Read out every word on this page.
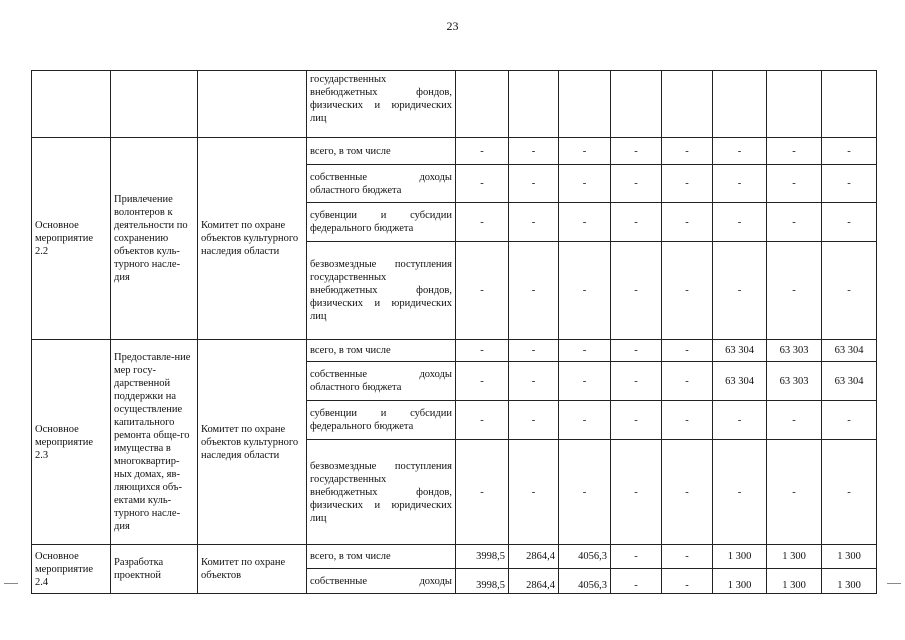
23
			государственных внебюджетных фондов, физических и юридических лиц								
Основное мероприятие 2.2	Привлечение волонтеров к деятельности по сохранению объектов куль-турного насле-дия	Комитет по охране объектов культурного наследия области	всего, в том числе	-	-	-	-	-	-	-	-
			собственные доходы областного бюджета	-	-	-	-	-	-	-	-
			субвенции и субсидии федерального бюджета	-	-	-	-	-	-	-	-
			безвозмездные поступления государственных внебюджетных фондов, физических и юридических лиц	-	-	-	-	-	-	-	-
Основное мероприятие 2.3	Предоставле-ние мер госу-дарственной поддержки на осуществление капитального ремонта обще-го имущества в многоквартир-ных домах, яв-ляющихся объ-ектами куль-турного насле-дия	Комитет по охране объектов культурного наследия области	всего, в том числе	-	-	-	-	-	63 304	63 303	63 304
			собственные доходы областного бюджета	-	-	-	-	-	63 304	63 303	63 304
			субвенции и субсидии федерального бюджета	-	-	-	-	-	-	-	-
			безвозмездные поступления государственных внебюджетных фондов, физических и юридических лиц	-	-	-	-	-	-	-	-
Основное мероприятие 2.4	Разработка проектной	Комитет по охране объектов	всего, в том числе	3998,5	2864,4	4056,3	-	-	1 300	1 300	1 300
			собственные доходы	3998,5	2864,4	4056,3	-	-	1 300	1 300	1 300
